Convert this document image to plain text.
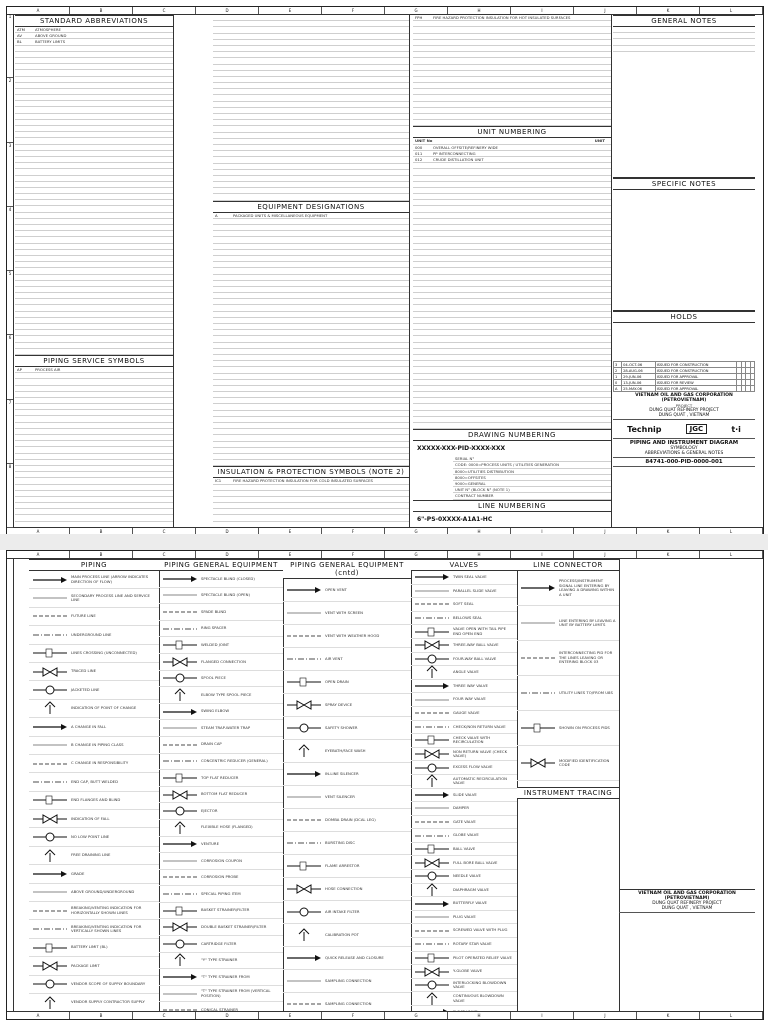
A	B	C	D	E	F	G	H	I	J	K	L
A	B	C	D	E	F	G	H	I	J	K	L
1
2
3
4
5
6
7
8
STANDARD ABBREVIATIONS
ATM	ATMOSPHERE
AV	ABOVE GROUND
BL	BATTERY LIMITS
PIPING SERVICE SYMBOLS
AP	PROCESS AIR
EQUIPMENT DESIGNATIONS
A	PACKAGED UNITS & MISCELLANEOUS EQUIPMENT
INSULATION & PROTECTION SYMBOLS (NOTE 2)
IC1	FIRE HAZARD PROTECTION INSULATION FOR COLD INSULATED SURFACES
FPH	FIRE HAZARD PROTECTION INSULATION FOR HOT INSULATED SURFACES
UNIT NUMBERING
UNIT No	UNIT
000	OVERALL OFFSITE/REFINERY WIDE
011	PP INTERCONNECTING
012	CRUDE DISTILLATION UNIT
DRAWING NUMBERING
XXXXX-XXX-PID-XXXX-XXX
SERIAL N°
CODE: 0000=PROCESS UNITS / UTILITIES GENERATION
8000=UTILITIES DISTRIBUTION
8000=OFFSITES
9000=GENERAL
UNIT N° (BLOCK N° (NOTE 1)
CONTRACT NUMBER
LINE NUMBERING
6"-PS-0XXXX-A1A1-HC
GENERAL NOTES
SPECIFIC NOTES
HOLDS
3	04-OCT-06	ISSUED FOR CONSTRUCTION				
2	28-AUG-06	ISSUED FOR CONSTRUCTION				
1	29-JUN-06	ISSUED FOR APPROVAL				
0	13-JUN-06	ISSUED FOR REVIEW				
A	25-MAY-06	ISSUED FOR APPROVAL				
VIETNAM OIL AND GAS CORPORATION (PETROVIETNAM)
PROJECT
DUNG QUAT REFINERY PROJECT
DUNG QUAT , VIETNAM
Technip	JGC	t·i
PIPING AND INSTRUMENT DIAGRAM
SYMBOLOGY
ABBREVIATIONS & GENERAL NOTES
84741-000-PID-0000-001
A	B	C	D	E	F	G	H	I	J	K	L
A	B	C	D	E	F	G	H	I	J	K	L
PIPING
MAIN PROCESS LINE (ARROW INDICATES DIRECTION OF FLOW)
SECONDARY PROCESS LINE AND SERVICE LINE
FUTURE LINE
UNDERGROUND LINE
LINES CROSSING (UNCONNECTED)
TRACED LINE
JACKETED LINE
INDICATION OF POINT OF CHANGE
A CHANGE IN FALL
B CHANGE IN PIPING CLASS
C CHANGE IN RESPONSIBILITY
END CAP, BUTT WELDED
END FLANGES AND BLIND
INDICATION OF FALL
NO LOW POINT LINE
FREE DRAINING LINE
GRADE
ABOVE GROUND/UNDERGROUND
BREAKING/VENTING INDICATION FOR HORIZONTALLY SHOWN LINES
BREAKING/VENTING INDICATION FOR VERTICALLY SHOWN LINES
BATTERY LIMIT (BL)
PACKAGE LIMIT
VENDOR SCOPE OF SUPPLY BOUNDARY
VENDOR SUPPLY CONTRACTOR SUPPLY
PIPING GENERAL EQUIPMENT
SPECTACLE BLIND (CLOSED)
SPECTACLE BLIND (OPEN)
SPADE BLIND
RING SPACER
WELDED JOINT
FLANGED CONNECTION
SPOOL PIECE
ELBOW TYPE SPOOL PIECE
SWING ELBOW
STEAM TRAP-WATER TRAP
DRAIN CAP
CONCENTRIC REDUCER (GENERAL)
TOP FLAT REDUCER
BOTTOM FLAT REDUCER
EJECTOR
FLEXIBLE HOSE (FLANGED)
VENTURE
CORROSION COUPON
CORROSION PROBE
SPECIAL PIPING ITEM
BASKET STRAINER/FILTER
DOUBLE BASKET STRAINER/FILTER
CARTRIDGE FILTER
"Y" TYPE STRAINER
"T" TYPE STRAINER FROM
"T" TYPE STRAINER FROM (VERTICAL POSITION)
CONICAL STRAINER
PIPING GENERAL EQUIPMENT
(cntd)
OPEN VENT
VENT WITH SCREEN
VENT WITH WEATHER HOOD
AIR VENT
OPEN DRAIN
SPRAY DEVICE
SAFETY SHOWER
EYEBATH/FACE WASH
IN-LINE SILENCER
VENT SILENCER
DOMBA DRAIN (DCAL LEG)
BURSTING DISC
FLAME ARRESTOR
HOSE CONNECTION
AIR INTAKE FILTER
CALIBRATION POT
QUICK RELEASE AND CLOSURE
SAMPLING CONNECTION
SAMPLING CONNECTION
VALVES
TWIN SEAL VALVE
PARALLEL SLIDE VALVE
SOFT SEAL
BELLOWS SEAL
VALVE OPEN WITH TAIL PIPE END OPEN END
THREE-WAY BALL VALVE
FOUR-WAY BALL VALVE
ANGLE VALVE
THREE WAY VALVE
FOUR WAY VALVE
GAUGE VALVE
CHECK/NON RETURN VALVE
CHECK VALVE WITH RECIRCULATION
NON RETURN VALVE (CHECK VALVE)
EXCESS FLOW VALVE
AUTOMATIC RECIRCULATION VALVE
SLIDE VALVE
DAMPER
GATE VALVE
GLOBE VALVE
BALL VALVE
FULL BORE BALL VALVE
NEEDLE VALVE
DIAPHRAGM VALVE
BUTTERFLY VALVE
PLUG VALVE
SCREWED VALVE WITH PLUG
ROTARY STAR VALVE
PILOT OPERATED RELIEF VALVE
Y-GLOBE VALVE
INTERLOCKING BLOWDOWN VALVE
CONTINUOUS BLOWDOWN VALVE
LINE CONNECTOR
PROCESS/INSTRUMENT SIGNAL LINE ENTERING BY LEAVING A DRAWING WITHIN A UNIT
LINE ENTERING BY LEAVING A UNIT BY BATTERY LIMITS
INTERCONNECTING PID FOR THE LINES LEAVING OR ENTERING BLOCK 03
UTILITY LINES TO/FROM U8S
SHOWN ON PROCESS PIDS
MODIFIED IDENTIFICATION CODE
INSTRUMENT TRACING
VIETNAM OIL AND GAS CORPORATION (PETROVIETNAM)
DUNG QUAT REFINERY PROJECT
DUNG QUAT , VIETNAM
